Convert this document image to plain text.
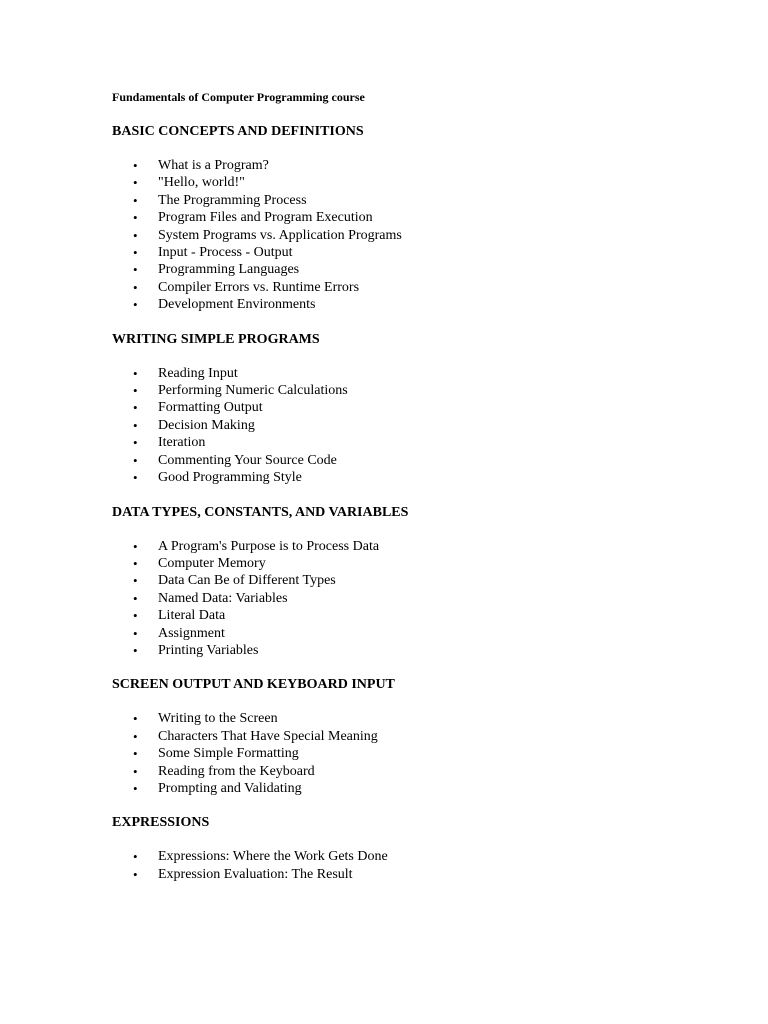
Fundamentals of Computer Programming course
BASIC CONCEPTS AND DEFINITIONS
• What is a Program?
• "Hello, world!"
• The Programming Process
• Program Files and Program Execution
• System Programs vs. Application Programs
• Input - Process - Output
• Programming Languages
• Compiler Errors vs. Runtime Errors
• Development Environments
WRITING SIMPLE PROGRAMS
• Reading Input
• Performing Numeric Calculations
• Formatting Output
• Decision Making
• Iteration
• Commenting Your Source Code
• Good Programming Style
DATA TYPES, CONSTANTS, AND VARIABLES
• A Program's Purpose is to Process Data
• Computer Memory
• Data Can Be of Different Types
• Named Data: Variables
• Literal Data
• Assignment
• Printing Variables
SCREEN OUTPUT AND KEYBOARD INPUT
• Writing to the Screen
• Characters That Have Special Meaning
• Some Simple Formatting
• Reading from the Keyboard
• Prompting and Validating
EXPRESSIONS
• Expressions: Where the Work Gets Done
• Expression Evaluation: The Result
